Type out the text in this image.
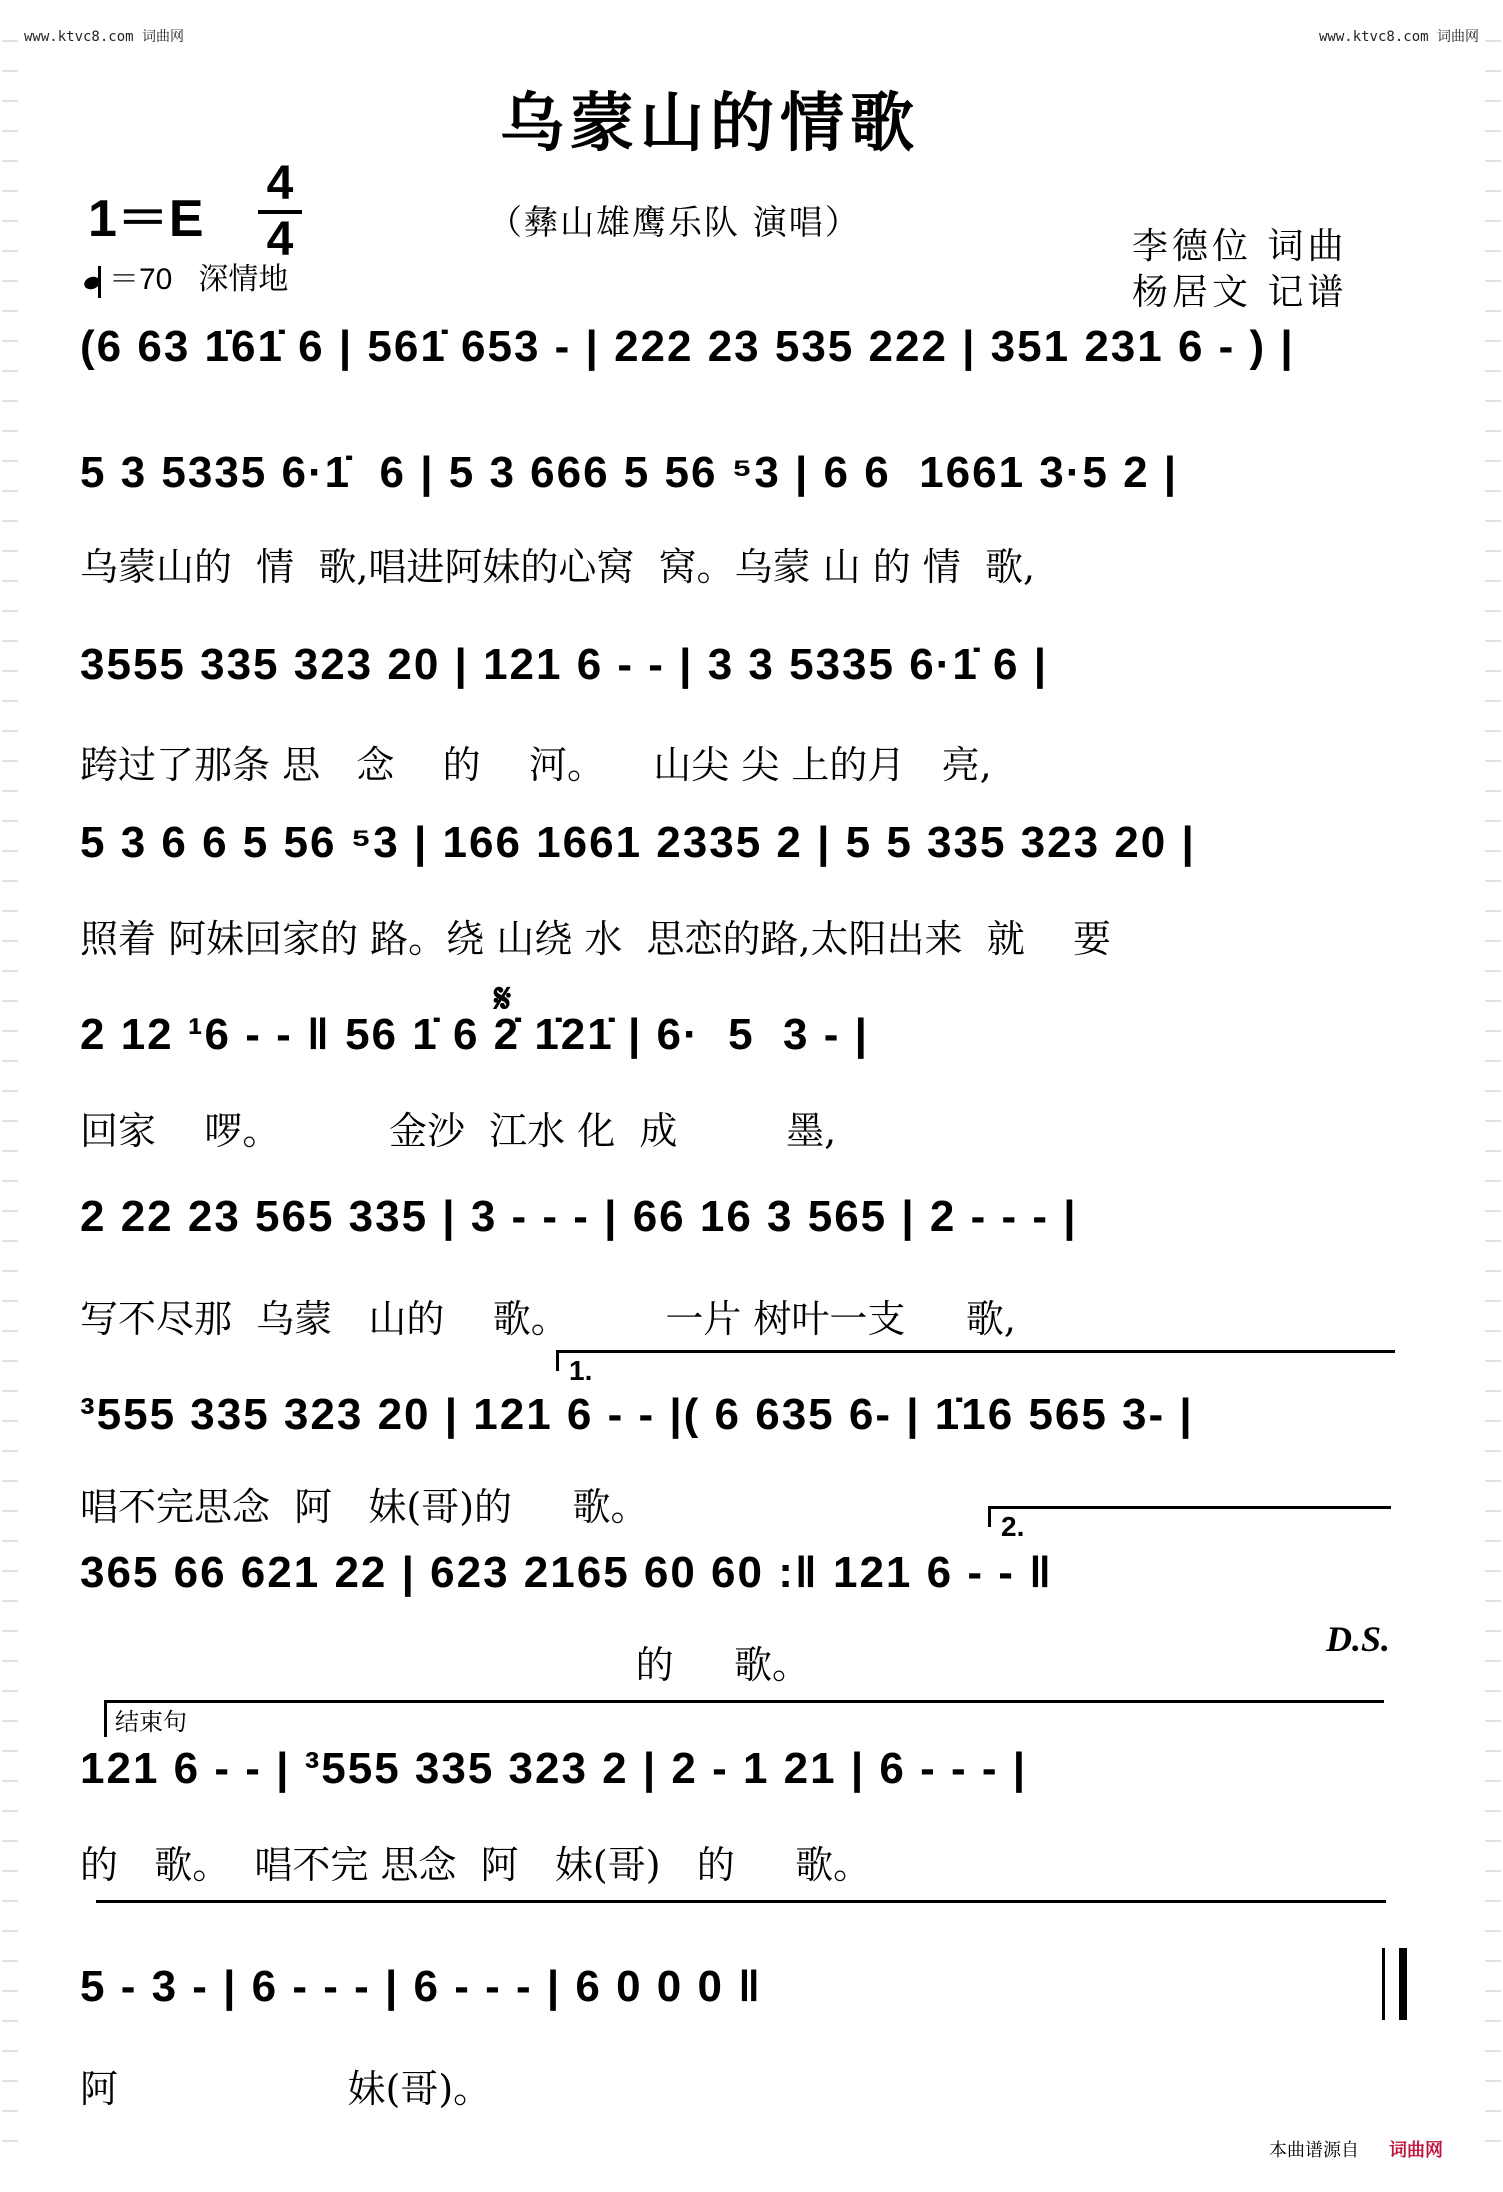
www.ktvc8.com 词曲网	www.ktvc8.com 词曲网
乌蒙山的情歌
1＝E
4
4
＝70 深情地
（彝山雄鹰乐队 演唱）
李德位 词曲
杨居文 记谱
(6 63 1̇61̇ 6 | 561̇ 653 - | 222 23 535 222 | 351 231 6 - ) |
5 3 5335 6·1̇  6 | 5 3 666 5 56 ⁵3 | 6 6  1661 3·5 2 |
乌蒙山的  情  歌,唱进阿妹的心窝  窝。乌蒙 山 的 情  歌,
3555 335 323 20 | 121 6 - - | 3 3 5335 6·1̇ 6 |
跨过了那条 思   念    的    河。    山尖 尖 上的月   亮,
5 3 6 6 5 56 ⁵3 | 166 1661 2335 2 | 5 5 335 323 20 |
照着 阿妹回家的 路。绕 山绕 水  思恋的路,太阳出来  就    要
𝄋
2 12 ¹6 - - ‖ 56 1̇ 6 2̇ 1̇21̇ | 6·  5  3 - |
回家    啰。         金沙  江水 化  成         墨,
2 22 23 565 335 | 3 - - - | 66 16 3 565 | 2 - - - |
写不尽那  乌蒙   山的    歌。        一片 树叶一支     歌,
1.
³555 335 323 20 | 121 6 - - |( 6 635 6- | 1̇16 565 3- |
唱不完思念  阿   妹(哥)的     歌。	2.
365 66 621 22 | 623 2165 60 60 :‖ 121 6 - - ‖
的     歌。
D.S.
结束句
121 6 - - | ³555 335 323 2 | 2 - 1 21 | 6 - - - |
的   歌。  唱不完 思念  阿   妹(哥)   的     歌。
5 - 3 - | 6 - - - | 6 - - - | 6 0 0 0 ‖
阿                   妹(哥)。
本曲谱源自 词曲网
